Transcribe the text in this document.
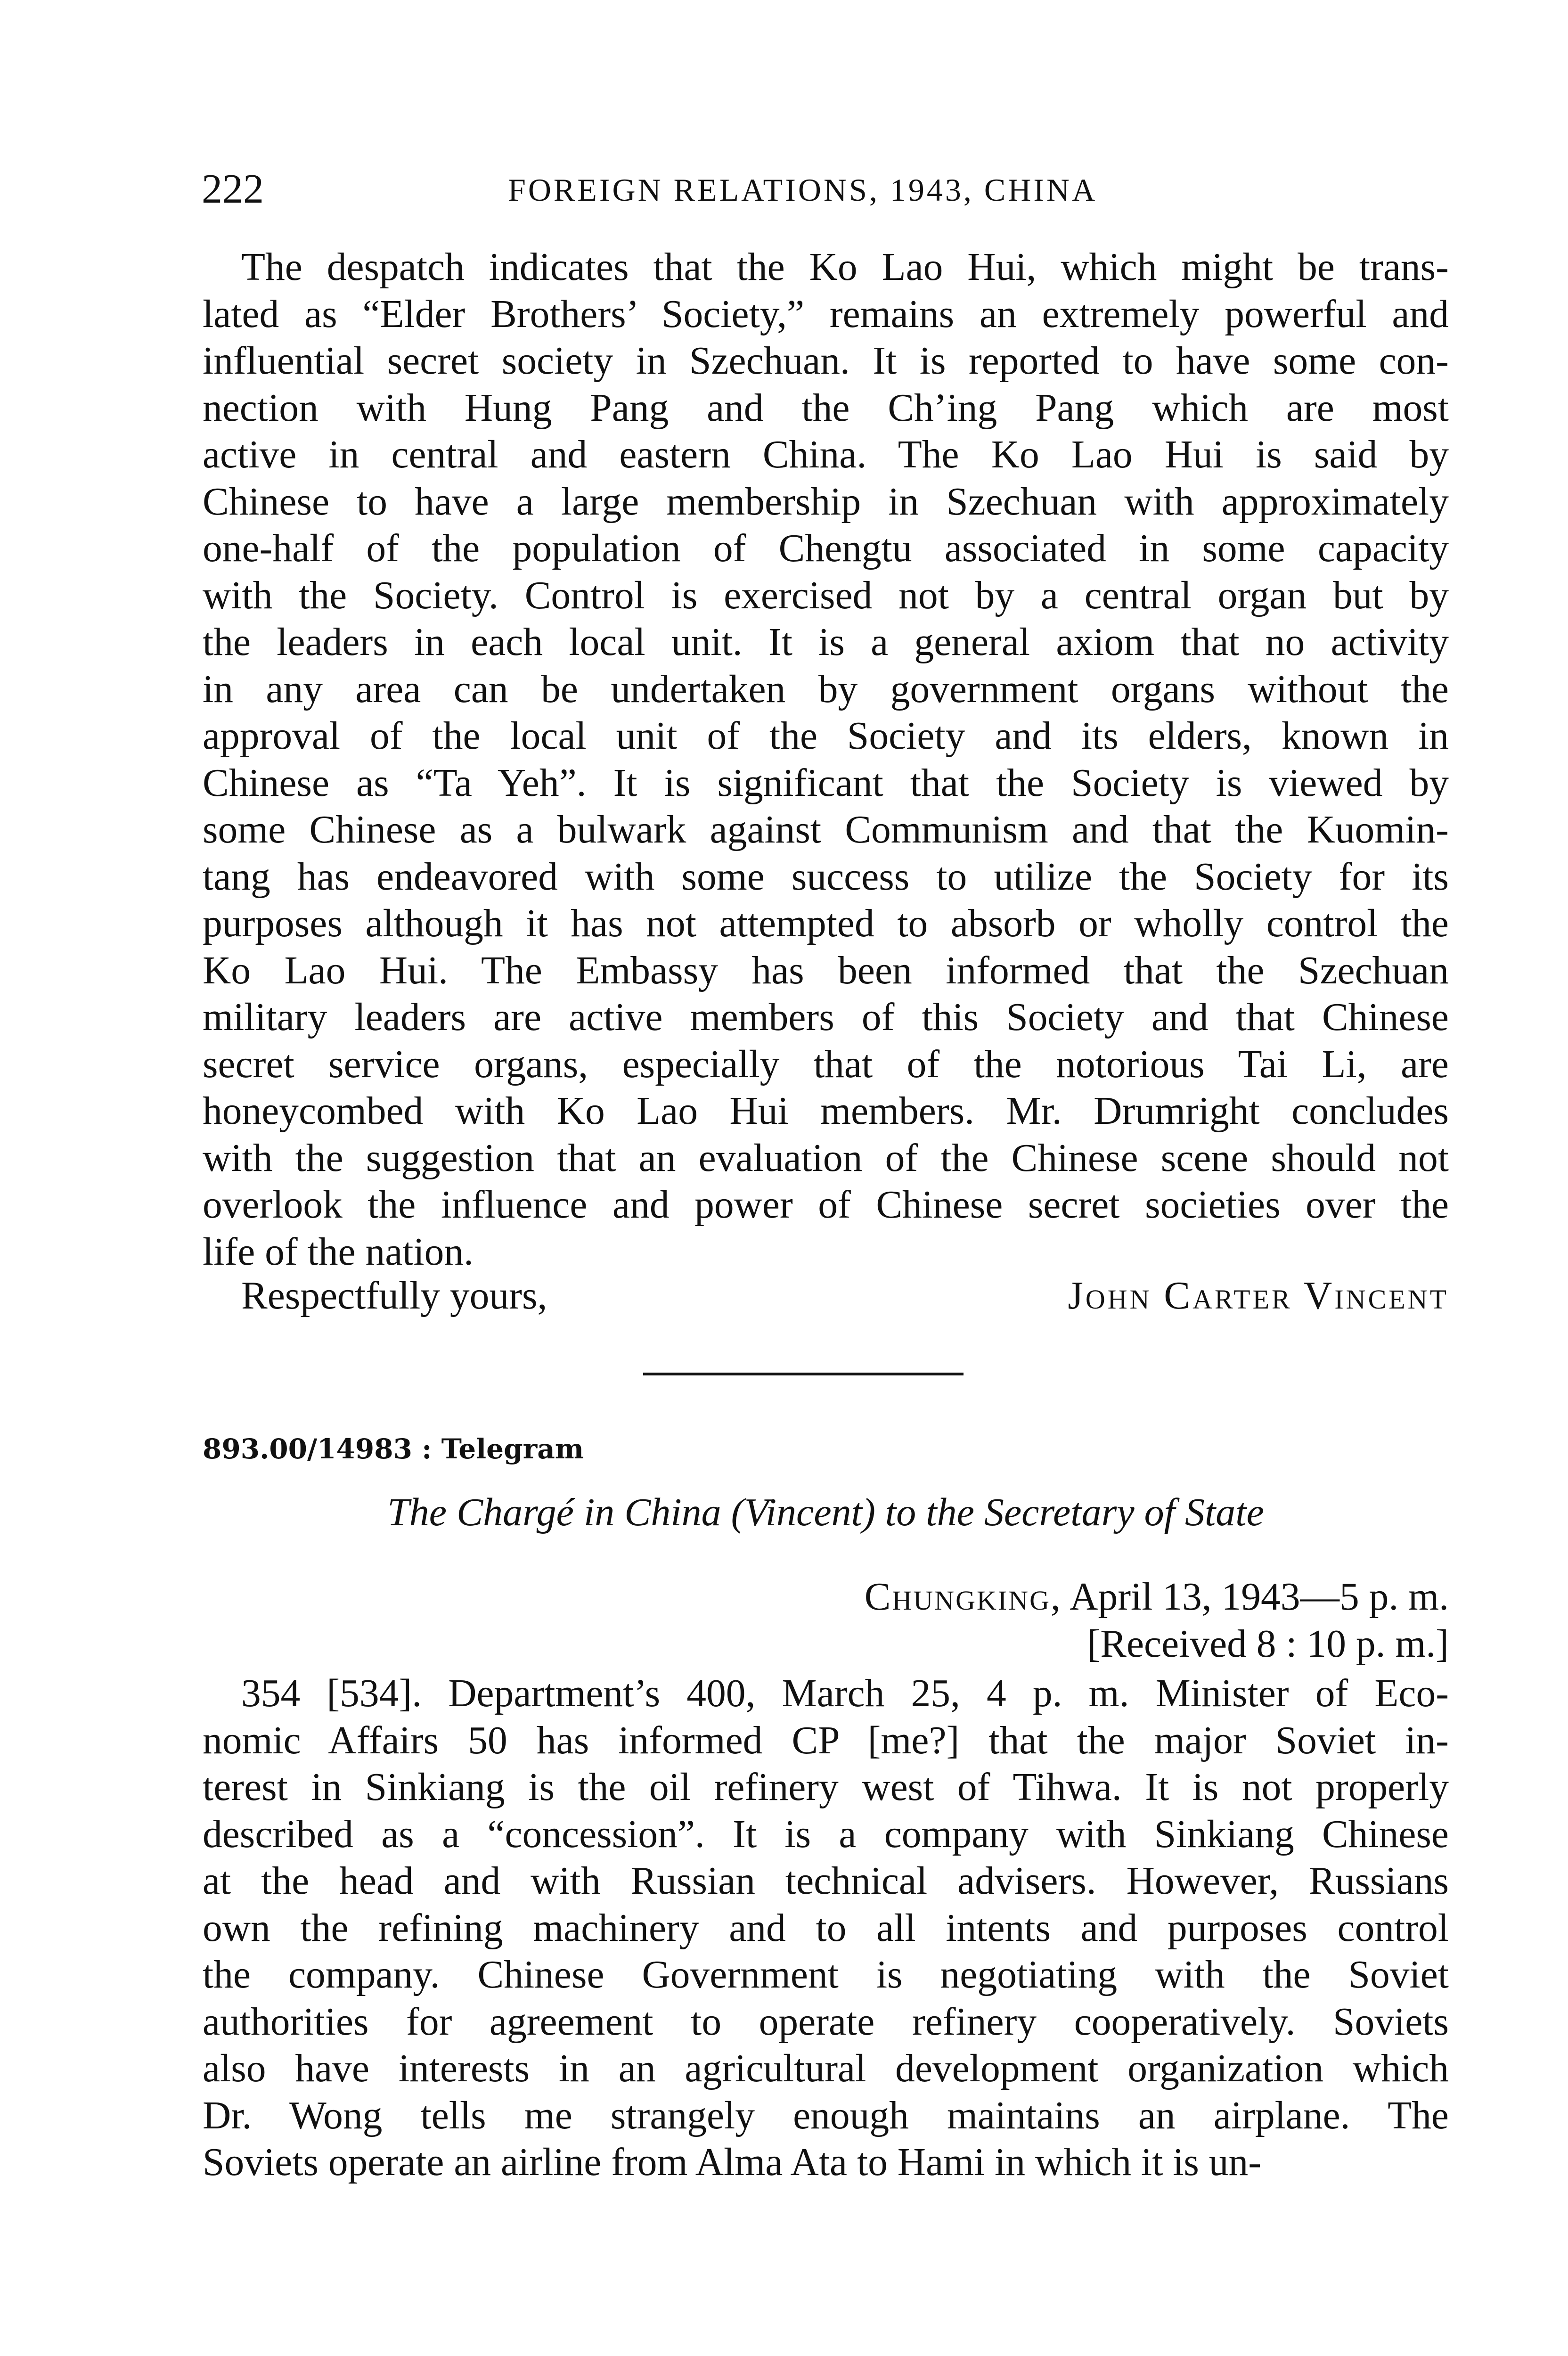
222	FOREIGN RELATIONS, 1943, CHINA
The despatch indicates that the Ko Lao Hui, which might be trans-
lated as “Elder Brothers’ Society,” remains an extremely powerful and
influential secret society in Szechuan. It is reported to have some con-
nection with Hung Pang and the Ch’ing Pang which are most
active in central and eastern China. The Ko Lao Hui is said by
Chinese to have a large membership in Szechuan with approximately
one-half of the population of Chengtu associated in some capacity
with the Society. Control is exercised not by a central organ but by
the leaders in each local unit. It is a general axiom that no activity
in any area can be undertaken by government organs without the
approval of the local unit of the Society and its elders, known in
Chinese as “Ta Yeh”. It is significant that the Society is viewed by
some Chinese as a bulwark against Communism and that the Kuomin-
tang has endeavored with some success to utilize the Society for its
purposes although it has not attempted to absorb or wholly control the
Ko Lao Hui. The Embassy has been informed that the Szechuan
military leaders are active members of this Society and that Chinese
secret service organs, especially that of the notorious Tai Li, are
honeycombed with Ko Lao Hui members. Mr. Drumright concludes
with the suggestion that an evaluation of the Chinese scene should not
overlook the influence and power of Chinese secret societies over the
life of the nation.
Respectfully yours,	John Carter Vincent
893.00/14983 : Telegram
The Chargé in China (Vincent) to the Secretary of State
Chungking, April 13, 1943—5 p. m.
[Received 8 : 10 p. m.]
354 [534]. Department’s 400, March 25, 4 p. m. Minister of Eco-
nomic Affairs 50 has informed CP [me?] that the major Soviet in-
terest in Sinkiang is the oil refinery west of Tihwa. It is not properly
described as a “concession”. It is a company with Sinkiang Chinese
at the head and with Russian technical advisers. However, Russians
own the refining machinery and to all intents and purposes control
the company. Chinese Government is negotiating with the Soviet
authorities for agreement to operate refinery cooperatively. Soviets
also have interests in an agricultural development organization which
Dr. Wong tells me strangely enough maintains an airplane. The
Soviets operate an airline from Alma Ata to Hami in which it is un-
